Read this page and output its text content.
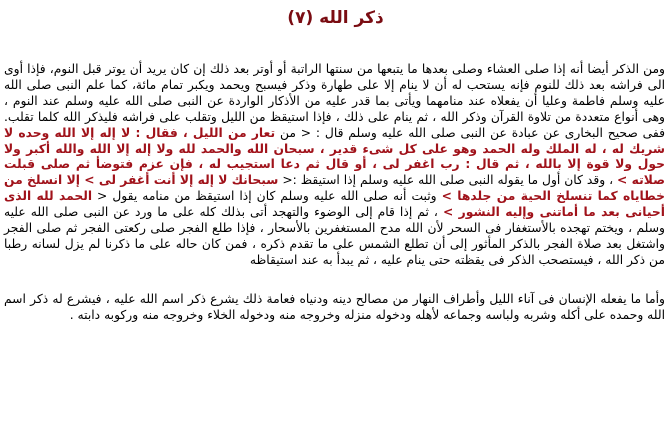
ذكر الله (٧)

ومن الذكر أيضا أنه إذا صلى العشاء وصلى بعدها ما يتبعها من سنتها الراتبة أو أوتر بعد ذلك إن كان يريد أن يوتر قبل النوم، فإذا أوى الى فراشه بعد ذلك للنوم فإنه يستحب له أن لا ينام إلا على طهارة وذكر فيسبح ويحمد ويكبر تمام مائة، كما علم النبى صلى الله عليه وسلم فاطمة وعليا أن يفعلاه عند منامهما ويأتى بما قدر عليه من الأذكار الواردة عن النبى صلى الله عليه وسلم عند النوم ، وهى أنواع متعددة من تلاوة القرآن وذكر الله ، ثم ينام على ذلك ، فإذا استيقظ من الليل وتقلب على فراشه فليذكر الله كلما تقلب. ففى صحيح البخارى عن عبادة عن النبى صلى الله عليه وسلم قال : < من تعار من الليل ، فقال : لا إله إلا الله وحده لا شريك له ، له الملك وله الحمد وهو على كل شىء قدير ، سبحان الله والحمد لله ولا إله إلا الله والله أكبر ولا حول ولا قوة إلا بالله ، ثم قال : رب اغفر لى ، أو قال ثم دعا استجيب له ، فإن عزم فتوضأ ثم صلى قبلت صلاته > ، وقد كان أول ما يقوله النبى صلى الله عليه وسلم إذا استيقظ :< سبحانك لا إله إلا أنت أغفر لى > إلا انسلخ من خطاياه كما تنسلخ الحية من جلدها > وثبت أنه صلى الله عليه وسلم كان إذا استيقظ من منامه يقول < الحمد لله الذى أحيانى بعد ما أماتنى وإليه النشور > ، ثم إذا قام إلى الوضوء والتهجد أتى بذلك كله على ما ورد عن النبى صلى الله عليه وسلم ، ويختم تهجده بالأستغفار فى السحر لأن الله مدح المستغفرين بالأسحار ، فإذا طلع الفجر صلى ركعتى الفجر ثم صلى الفجر واشتغل بعد صلاة الفجر بالذكر المأثور إلى أن تطلع الشمس على ما تقدم ذكره ، فمن كان حاله على ما ذكرنا لم يزل لسانه رطبا من ذكر الله ، فيستصحب الذكر فى يقظته حتى ينام عليه ، ثم يبدأ به عند استيقاظه

وأما ما يفعله الإنسان فى آناء الليل وأطراف النهار من مصالح دينه ودنياه فعامة ذلك يشرع ذكر اسم الله عليه ، فيشرع له ذكر اسم الله وحمده على أكله وشربه ولباسه وجماعه لأهله ودخوله منزله وخروجه منه ودخوله الخلاء وخروجه منه وركوبه دابته .
